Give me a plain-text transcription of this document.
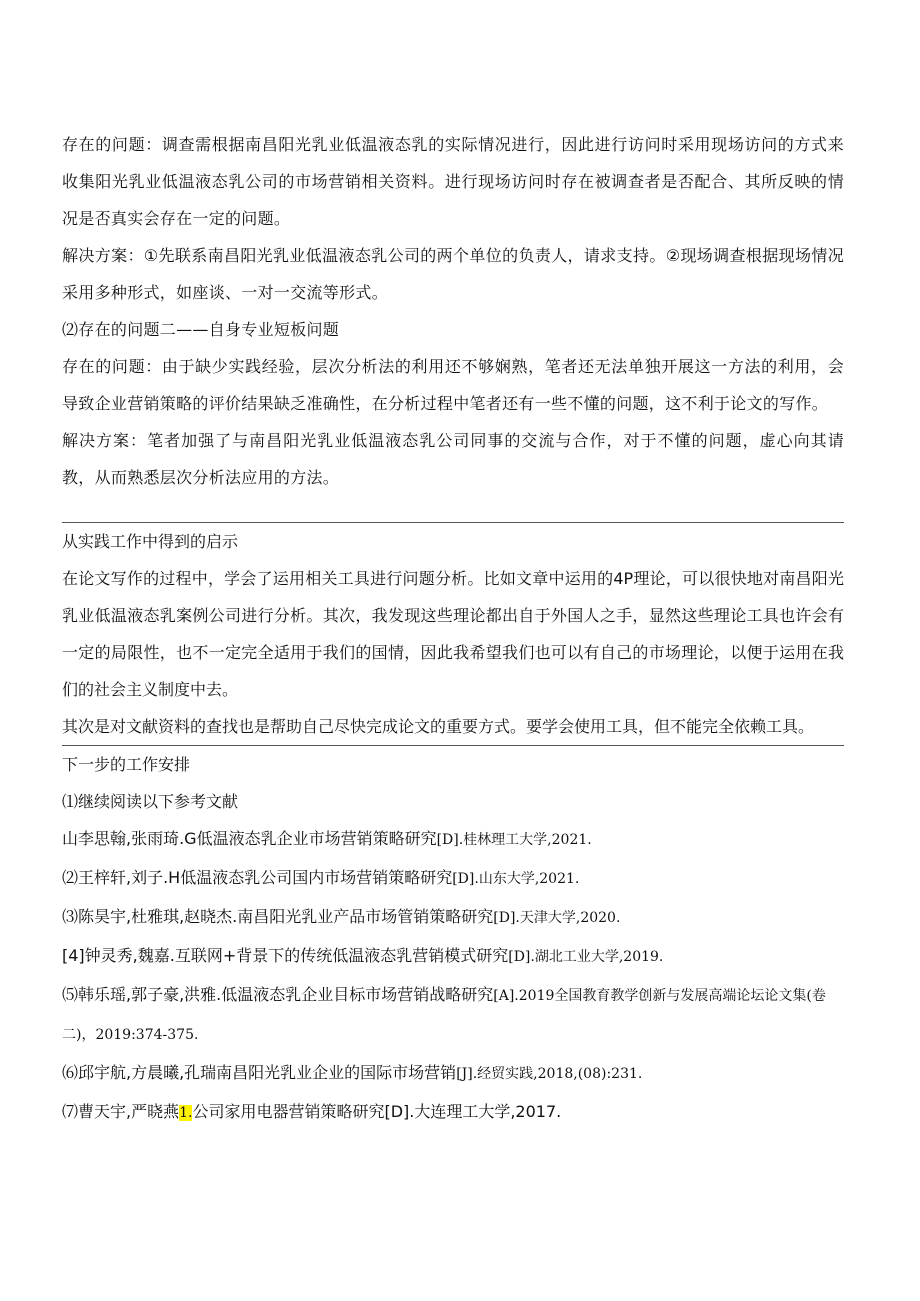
存在的问题：调查需根据南昌阳光乳业低温液态乳的实际情况进行，因此进行访问时采用现场访问的方式来收集阳光乳业低温液态乳公司的市场营销相关资料。进行现场访问时存在被调查者是否配合、其所反映的情况是否真实会存在一定的问题。

解决方案：①先联系南昌阳光乳业低温液态乳公司的两个单位的负责人，请求支持。②现场调查根据现场情况采用多种形式，如座谈、一对一交流等形式。

⑵存在的问题二——自身专业短板问题

存在的问题：由于缺少实践经验，层次分析法的利用还不够娴熟，笔者还无法单独开展这一方法的利用，会导致企业营销策略的评价结果缺乏准确性，在分析过程中笔者还有一些不懂的问题，这不利于论文的写作。

解决方案：笔者加强了与南昌阳光乳业低温液态乳公司同事的交流与合作，对于不懂的问题，虚心向其请教，从而熟悉层次分析法应用的方法。

从实践工作中得到的启示

在论文写作的过程中，学会了运用相关工具进行问题分析。比如文章中运用的4P理论，可以很快地对南昌阳光乳业低温液态乳案例公司进行分析。其次，我发现这些理论都出自于外国人之手，显然这些理论工具也许会有一定的局限性，也不一定完全适用于我们的国情，因此我希望我们也可以有自己的市场理论，以便于运用在我们的社会主义制度中去。

其次是对文献资料的查找也是帮助自己尽快完成论文的重要方式。要学会使用工具，但不能完全依赖工具。

下一步的工作安排

⑴继续阅读以下参考文献

山李思翰,张雨琦.G低温液态乳企业市场营销策略研究[D].桂林理工大学,2021.

⑵王梓轩,刘子.H低温液态乳公司国内市场营销策略研究[D].山东大学,2021.

⑶陈昊宇,杜雅琪,赵晓杰.南昌阳光乳业产品市场管销策略研究[D].天津大学,2020.

[4]钟灵秀,魏嘉.互联网+背景下的传统低温液态乳营销模式研究[D].湖北工业大学,2019.

⑸韩乐瑶,郭子豪,洪雅.低温液态乳企业目标市场营销战略研究[A].2019全国教育教学创新与发展高端论坛论文集(卷二)，2019:374-375.

⑹邱宇航,方晨曦,孔瑞南昌阳光乳业企业的国际市场营销[J].经贸实践,2018,(08):231.

⑺曹天宇,严晓燕1.公司家用电器营销策略研究[D].大连理工大学,2017.
